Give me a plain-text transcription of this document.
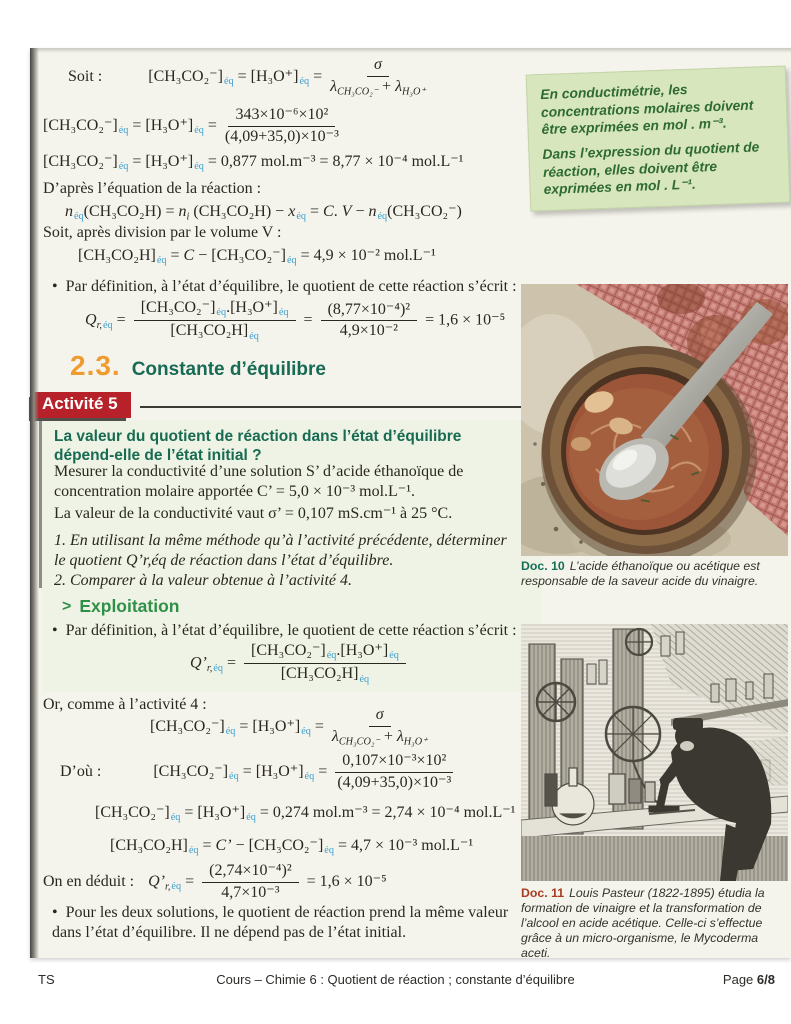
Soit :	$[CH_3CO_2^-]_{éq} = [H_3O^+]_{éq} = \frac{\sigma}{\lambda_{CH_3CO_2^-} + \lambda_{H_3O^+}}$
$[CH_3CO_2^-]_{éq} = [H_3O^+]_{éq} = \frac{\text{343×10⁻⁶×10²}}{\text{(4,09+35,0)×10⁻³}}$
$[CH_3CO_2^-]_{éq} = [H_3O^+]_{éq} = 0,877$ mol.m⁻³ = 8,77 × 10⁻⁴ mol.L⁻¹
D’après l’équation de la réaction :
$n_{éq}(CH_3CO_2H) = n_i$ $(CH_3CO_2H) - x_{éq} = C$. $V - n_{éq}(CH_3CO_2^-)$
Soit, après division par le volume V :
$[CH_3CO_2H]_{éq} = C - [CH_3CO_2^-]_{éq} = 4,9 \times 10^{-2}$ mol.L⁻¹
• Par définition, à l’état d’équilibre, le quotient de cette réaction s’écrit :
$Q_{r,éq} = \frac{[CH_3CO_2^-]_{éq}.[H_3O^+]_{éq}}{[CH_3CO_2H]_{éq}} = \frac{\text{(8,77×10⁻⁴)²}}{\text{4,9×10⁻²}} = 1,6 \times 10^{-5}$
2.3. Constante d’équilibre
Activité 5
La valeur du quotient de réaction dans l’état d’équilibre dépend-elle de l’état initial ?
Mesurer la conductivité d’une solution S’ d’acide éthanoïque de concentration molaire apportée C’ = 5,0 × 10⁻³ mol.L⁻¹.
La valeur de la conductivité vaut σ’ = 0,107 mS.cm⁻¹ à 25 °C.
1. En utilisant la même méthode qu’à l’activité précédente, déterminer le quotient Q’r,éq de réaction dans l’état d’équilibre.
2. Comparer à la valeur obtenue à l’activité 4.
> Exploitation
• Par définition, à l’état d’équilibre, le quotient de cette réaction s’écrit :
$Q’_{r,éq} = \frac{[CH_3CO_2^-]_{éq}.[H_3O^+]_{éq}}{[CH_3CO_2H]_{éq}}$
Or, comme à l’activité 4 :
$[CH_3CO_2^-]_{éq} = [H_3O^+]_{éq} = \frac{\sigma}{\lambda_{CH_3CO_2^-} + \lambda_{H_3O^+}}$
D’où :	$[CH_3CO_2^-]_{éq} = [H_3O^+]_{éq} = \frac{\text{0,107×10⁻³×10²}}{\text{(4,09+35,0)×10⁻³}}$
$[CH_3CO_2^-]_{éq} = [H_3O^+]_{éq} = 0,274$ mol.m⁻³ = 2,74 × 10⁻⁴ mol.L⁻¹
$[CH_3CO_2H]_{éq} = C$’ − $[CH_3CO_2^-]_{éq} = 4,7 \times 10^{-3}$ mol.L⁻¹
On en déduit : $Q’_{r,éq} = \frac{\text{(2,74×10⁻⁴)²}}{\text{4,7×10⁻³}} = 1,6 \times 10^{-5}$
• Pour les deux solutions, le quotient de réaction prend la même valeur dans l’état d’équilibre. Il ne dépend pas de l’état initial.

En conductimétrie, les concentrations molaires doivent être exprimées en mol . m⁻³.

Dans l’expression du quotient de réaction, elles doivent être exprimées en mol . L⁻¹.

Doc. 10 L’acide éthanoïque ou acétique est responsable de la saveur acide du vinaigre.
Doc. 11 Louis Pasteur (1822-1895) étudia la formation de vinaigre et la transformation de l’alcool en acide acétique. Celle-ci s’effectue grâce à un micro-organisme, le Mycoderma aceti.
TS	Cours – Chimie 6 : Quotient de réaction ; constante d’équilibre	Page 6/8
